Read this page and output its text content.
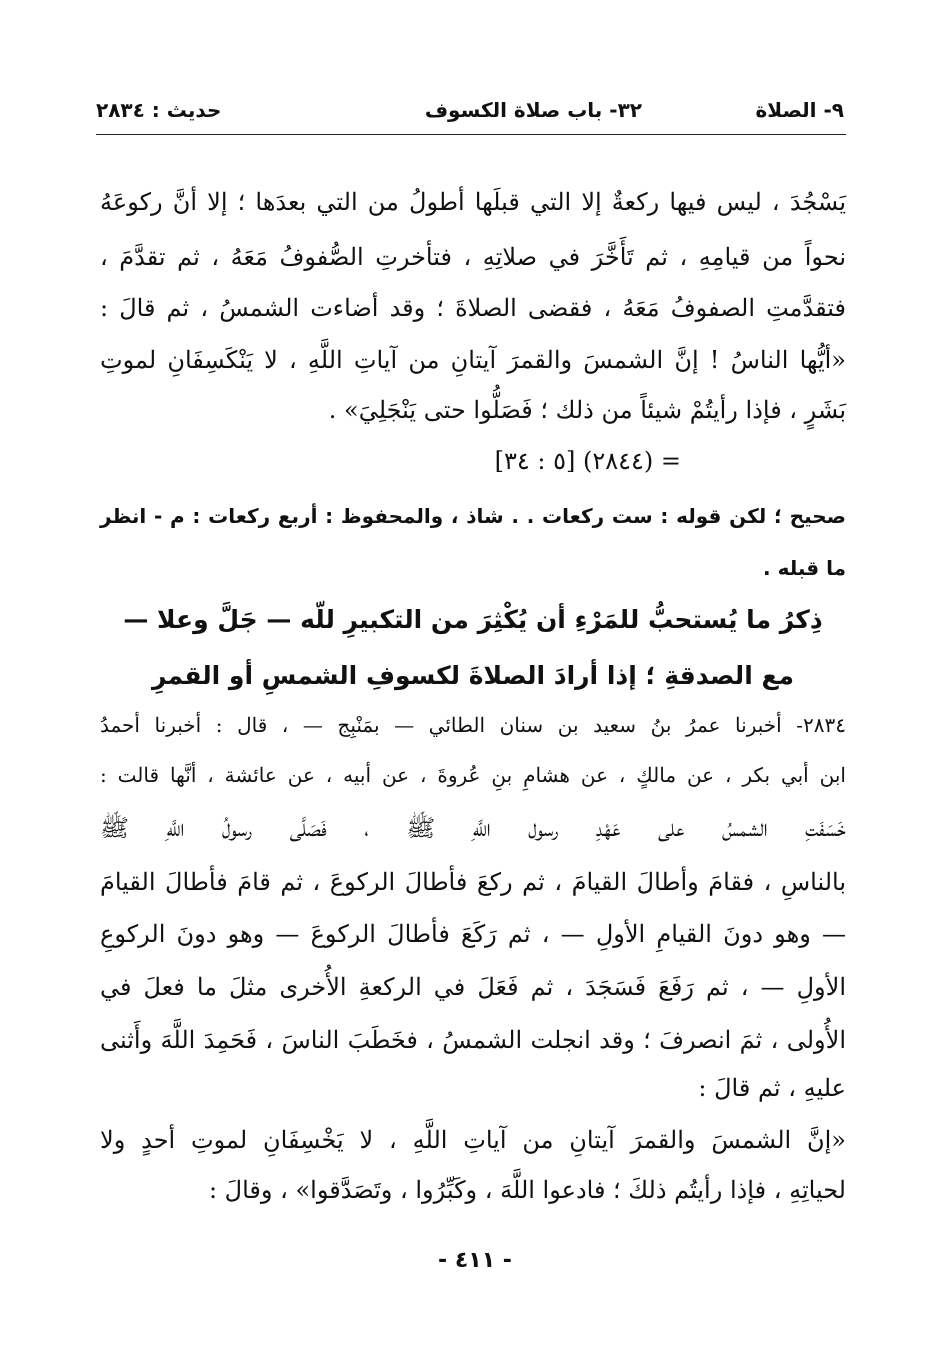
٩- الصلاة
٣٢- باب صلاة الكسوف
حديث : ٢٨٣٤
يَسْجُدَ ، ليس فيها ركعةٌ إلا التي قبلَها أطولُ من التي بعدَها ؛ إلا أنَّ ركوعَهُ
نحواً من قيامِهِ ، ثم تَأَخَّرَ في صلاتِهِ ، فتأخرتِ الصُّفوفُ مَعَهُ ، ثم تقدَّمَ ،
فتقدَّمتِ الصفوفُ مَعَهُ ، فقضى الصلاةَ ؛ وقد أضاءت الشمسُ ، ثم قالَ :
«أيُّها الناسُ ! إنَّ الشمسَ والقمرَ آيتانِ من آياتِ اللَّهِ ، لا يَنْكَسِفَانِ لموتِ
بَشَرٍ ، فإذا رأيتُمْ شيئاً من ذلك ؛ فَصَلُّوا حتى يَنْجَلِيَ» .
= (٢٨٤٤) [٥ : ٣٤]
صحيح ؛ لكن قوله : ست ركعات . . شاذ ، والمحفوظ : أربع ركعات : م - انظر
ما قبله .
ذِكرُ ما يُستحبُّ للمَرْءِ أن يُكْثِرَ من التكبيرِ للّه — جَلَّ وعلا —
مع الصدقةِ ؛ إذا أرادَ الصلاةَ لكسوفِ الشمسِ أو القمرِ
٢٨٣٤- أخبرنا عمرُ بنُ سعيد بن سنان الطائي — بمَنْبِج — ، قال : أخبرنا أحمدُ
ابن أبي بكر ، عن مالكٍ ، عن هشامِ بنِ عُروةَ ، عن أبيه ، عن عائشة ، أنَّها قالت :
خَسَفَتِ الشمسُ على عَهْدِ رسول اللَّهِ ﷺ ، فَصَلَّى رسولُ اللَّهِ ﷺ
بالناسِ ، فقامَ وأطالَ القيامَ ، ثم ركعَ فأطالَ الركوعَ ، ثم قامَ فأطالَ القيامَ
— وهو دونَ القيامِ الأولِ — ، ثم رَكَعَ فأطالَ الركوعَ — وهو دونَ الركوعِ
الأولِ — ، ثم رَفَعَ فَسَجَدَ ، ثم فَعَلَ في الركعةِ الأُخرى مثلَ ما فعلَ في
الأُولى ، ثمَ انصرفَ ؛ وقد انجلت الشمسُ ، فخَطَبَ الناسَ ، فَحَمِدَ اللَّهَ وأَثنى
عليهِ ، ثم قالَ :
«إنَّ الشمسَ والقمرَ آيتانِ من آياتِ اللَّهِ ، لا يَخْسِفَانِ لموتِ أحدٍ ولا
لحياتِهِ ، فإذا رأيتُم ذلكَ ؛ فادعوا اللَّهَ ، وكَبِّرُوا ، وتَصَدَّقوا» ، وقالَ :
- ٤١١ -
